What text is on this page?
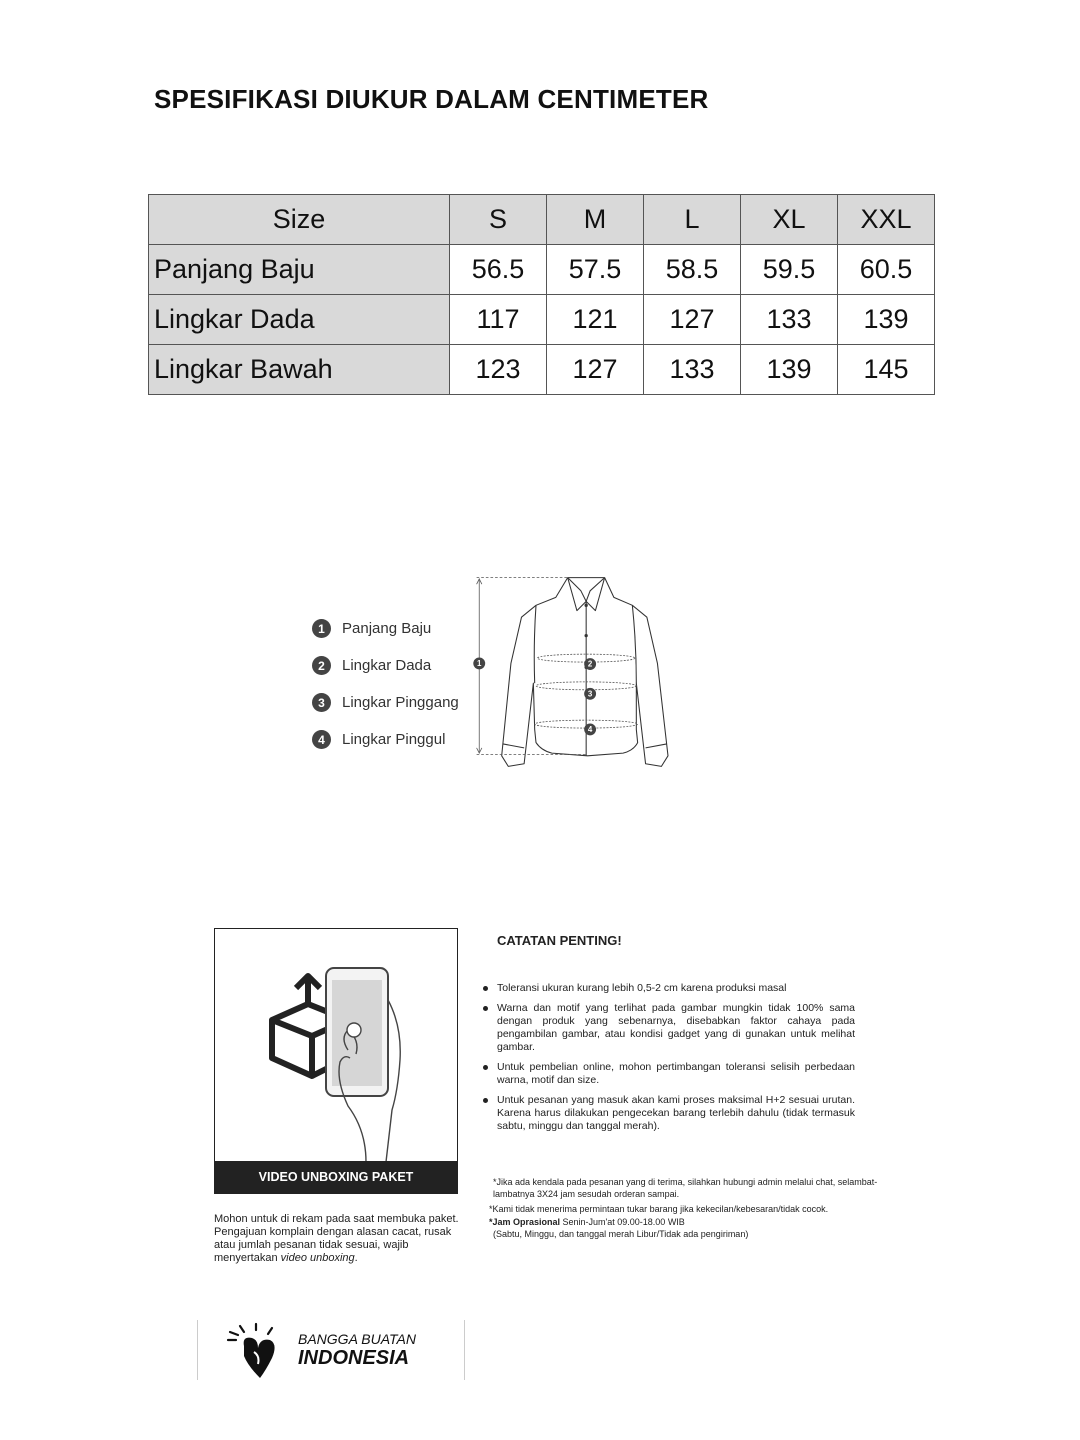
SPESIFIKASI DIUKUR DALAM CENTIMETER
Size	S	M	L	XL	XXL
Panjang Baju	56.5	57.5	58.5	59.5	60.5
Lingkar Dada	117	121	127	133	139
Lingkar Bawah	123	127	133	139	145
1	Panjang Baju
2	Lingkar Dada
3	Lingkar Pinggang
4	Lingkar Pinggul
1	2
3
4
VIDEO UNBOXING PAKET
Mohon untuk di rekam pada saat membuka paket. Pengajuan komplain dengan alasan cacat, rusak atau jumlah pesanan tidak sesuai, wajib menyertakan video unboxing.
CATATAN PENTING!
Toleransi ukuran kurang lebih 0,5-2 cm karena produksi masal
Warna dan motif yang terlihat pada gambar mungkin tidak 100% sama dengan produk yang sebenarnya, disebabkan faktor cahaya pada pengambilan gambar, atau kondisi gadget yang di gunakan untuk melihat gambar.
Untuk pembelian online, mohon pertimbangan toleransi selisih perbedaan warna, motif dan size.
Untuk pesanan yang masuk akan kami proses maksimal H+2 sesuai urutan. Karena harus dilakukan pengecekan barang terlebih dahulu (tidak termasuk sabtu, minggu dan tanggal merah).

*Jika ada kendala pada pesanan yang di terima, silahkan hubungi admin melalui chat, selambat-lambatnya 3X24 jam sesudah orderan sampai.

*Kami tidak menerima permintaan tukar barang jika kekecilan/kebesaran/tidak cocok.

*Jam Oprasional Senin-Jum'at 09.00-18.00 WIB

(Sabtu, Minggu, dan tanggal merah Libur/Tidak ada pengiriman)

BANGGA BUATAN
INDONESIA
